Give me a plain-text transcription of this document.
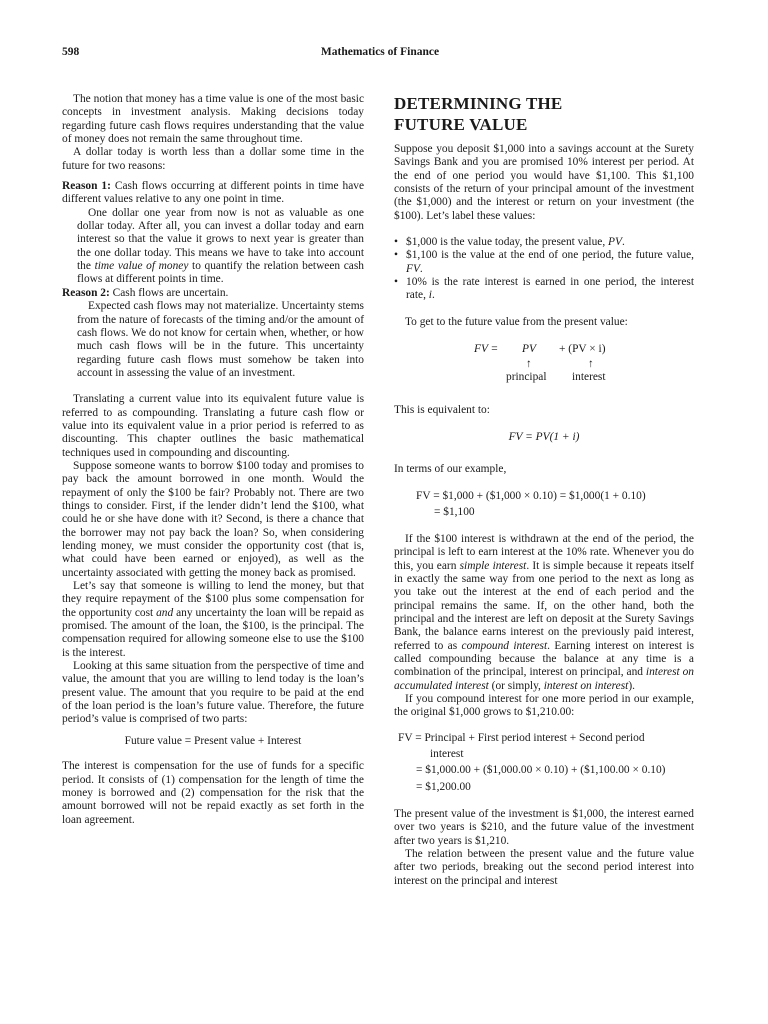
598	Mathematics of Finance

The notion that money has a time value is one of the most basic concepts in investment analysis. Making decisions today regarding future cash flows requires understanding that the value of money does not remain the same throughout time.

A dollar today is worth less than a dollar some time in the future for two reasons:

Reason 1: Cash flows occurring at different points in time have different values relative to any one point in time.

One dollar one year from now is not as valuable as one dollar today. After all, you can invest a dollar today and earn interest so that the value it grows to next year is greater than the one dollar today. This means we have to take into account the time value of money to quantify the relation between cash flows at different points in time.

Reason 2: Cash flows are uncertain.

Expected cash flows may not materialize. Uncertainty stems from the nature of forecasts of the timing and/or the amount of cash flows. We do not know for certain when, whether, or how much cash flows will be in the future. This uncertainty regarding future cash flows must somehow be taken into account in assessing the value of an investment.

Translating a current value into its equivalent future value is referred to as compounding. Translating a future cash flow or value into its equivalent value in a prior period is referred to as discounting. This chapter outlines the basic mathematical techniques used in compounding and discounting.

Suppose someone wants to borrow $100 today and promises to pay back the amount borrowed in one month. Would the repayment of only the $100 be fair? Probably not. There are two things to consider. First, if the lender didn’t lend the $100, what could he or she have done with it? Second, is there a chance that the borrower may not pay back the loan? So, when considering lending money, we must consider the opportunity cost (that is, what could have been earned or enjoyed), as well as the uncertainty associated with getting the money back as promised.

Let’s say that someone is willing to lend the money, but that they require repayment of the $100 plus some compensation for the opportunity cost and any uncertainty the loan will be repaid as promised. The amount of the loan, the $100, is the principal. The compensation required for allowing someone else to use the $100 is the interest.

Looking at this same situation from the perspective of time and value, the amount that you are willing to lend today is the loan’s present value. The amount that you require to be paid at the end of the loan period is the loan’s future value. Therefore, the future period’s value is comprised of two parts:

Future value = Present value + Interest

The interest is compensation for the use of funds for a specific period. It consists of (1) compensation for the length of time the money is borrowed and (2) compensation for the risk that the amount borrowed will not be repaid exactly as set forth in the loan agreement.

DETERMINING THE
FUTURE VALUE

Suppose you deposit $1,000 into a savings account at the Surety Savings Bank and you are promised 10% interest per period. At the end of one period you would have $1,100. This $1,100 consists of the return of your principal amount of the investment (the $1,000) and the interest or return on your investment (the $100). Let’s label these values:

• $1,000 is the value today, the present value, PV.
• $1,100 is the value at the end of one period, the future value, FV.
• 10% is the rate interest is earned in one period, the interest rate, i.

To get to the future value from the present value:

FV = PV + (PV × i)
↑	↑
principal interest

This is equivalent to:

FV = PV(1 + i)

In terms of our example,

FV = $1,000 + ($1,000 × 0.10) = $1,000(1 + 0.10)
= $1,100

If the $100 interest is withdrawn at the end of the period, the principal is left to earn interest at the 10% rate. Whenever you do this, you earn simple interest. It is simple because it repeats itself in exactly the same way from one period to the next as long as you take out the interest at the end of each period and the principal remains the same. If, on the other hand, both the principal and the interest are left on deposit at the Surety Savings Bank, the balance earns interest on the previously paid interest, referred to as compound interest. Earning interest on interest is called compounding because the balance at any time is a combination of the principal, interest on principal, and interest on accumulated interest (or simply, interest on interest).

If you compound interest for one more period in our example, the original $1,000 grows to $1,210.00:

FV = Principal + First period interest + Second period
interest
= $1,000.00 + ($1,000.00 × 0.10) + ($1,100.00 × 0.10)
= $1,200.00

The present value of the investment is $1,000, the interest earned over two years is $210, and the future value of the investment after two years is $1,210.

The relation between the present value and the future value after two periods, breaking out the second period interest into interest on the principal and interest
